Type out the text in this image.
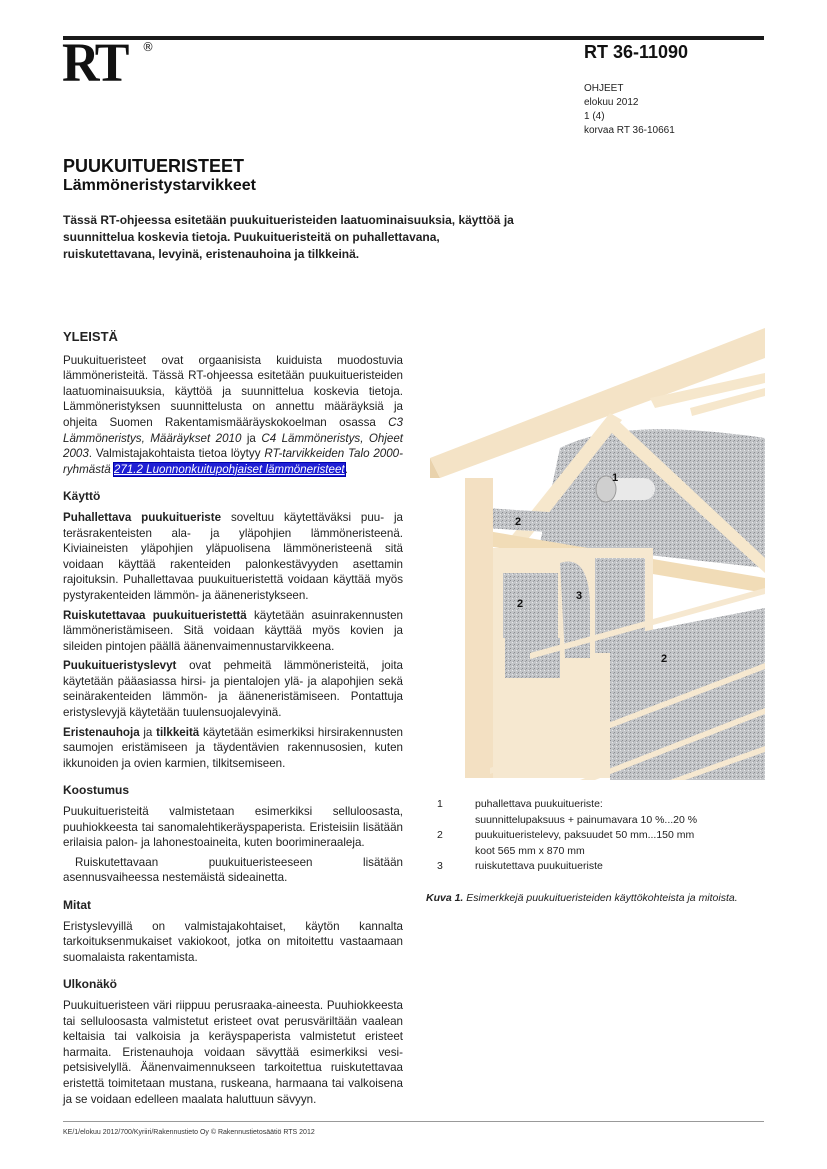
RT ®	RT 36-11090
OHJEET
elokuu 2012
1 (4)
korvaa RT 36-10661
PUUKUITUERISTEET
Lämmöneristystarvikkeet
Tässä RT-ohjeessa esitetään puukuitueristeiden laatuominaisuuksia, käyttöä ja suunnittelua koskevia tietoja. Puukuitueristeitä on puhallettavana, ruiskutettavana, levyinä, eristenauhoina ja tilkkeinä.
YLEISTÄ

Puukuitueristeet ovat orgaanisista kuiduista muodostuvia lämmöneristeitä. Tässä RT-ohjeessa esitetään puukuitueristeiden laatuominaisuuksia, käyttöä ja suunnittelua koskevia tietoja. Lämmöneristyksen suunnittelusta on annettu määräyksiä ja ohjeita Suomen Rakentamismääräyskokoelman osassa C3 Lämmöneristys, Määräykset 2010 ja C4 Lämmöneristys, Ohjeet 2003. Valmistajakohtaista tietoa löytyy RT-tarvikkeiden Talo 2000-ryhmästä 271.2 Luonnonkuitupohjaiset lämmöneristeet.

Käyttö

Puhallettava puukuitueriste soveltuu käytettäväksi puu- ja teräsrakenteisten ala- ja yläpohjien lämmöneristeenä. Kiviaineisten yläpohjien yläpuolisena lämmöneristeenä sitä voidaan käyttää rakenteiden palonkestävyyden asettamin rajoituksin. Puhallettavaa puukuitueristettä voidaan käyttää myös pystyrakenteiden lämmön- ja ääneneristykseen.

Ruiskutettavaa puukuitueristettä käytetään asuinrakennusten lämmöneristämiseen. Sitä voidaan käyttää myös kovien ja sileiden pintojen päällä äänenvaimennustarvikkeena.

Puukuitueristyslevyt ovat pehmeitä lämmöneristeitä, joita käytetään pääasiassa hirsi- ja pientalojen ylä- ja alapohjien sekä seinärakenteiden lämmön- ja ääneneristämiseen. Pontattuja eristyslevyjä käytetään tuulensuojalevyinä.

Eristenauhoja ja tilkkeitä käytetään esimerkiksi hirsirakennusten saumojen eristämiseen ja täydentävien rakennusosien, kuten ikkunoiden ja ovien karmien, tilkitsemiseen.

Koostumus

Puukuitueristeitä valmistetaan esimerkiksi selluloosasta, puuhiokkeesta tai sanomalehtikeräyspaperista. Eristeisiin lisätään erilaisia palon- ja lahonestoaineita, kuten boorimineraaleja.

Ruiskutettavaan puukuitueristeeseen lisätään asennusvaiheessa nestemäistä sideainetta.

Mitat

Eristyslevyillä on valmistajakohtaiset, käytön kannalta tarkoituksenmukaiset vakiokoot, jotka on mitoitettu vastaamaan suomalaista rakentamista.

Ulkonäkö

Puukuitueristeen väri riippuu perusraaka-aineesta. Puuhiokkeesta tai selluloosasta valmistetut eristeet ovat perusväriltään vaalean keltaisia tai valkoisia ja keräyspaperista valmistetut eristeet harmaita. Eristenauhoja voidaan sävyttää esimerkiksi vesi-petsisivelyllä. Äänenvaimennukseen tarkoitettua ruiskutettavaa eristettä toimitetaan mustana, ruskeana, harmaana tai valkoisena ja se voidaan edelleen maalata haluttuun sävyyn.

1
2
2
3
2
1	puhallettava puukuitueriste:
suunnittelupaksuus + painumavara 10 %...20 %
2	puukuitueristelevy, paksuudet 50 mm...150 mm
koot 565 mm x 870 mm
3	ruiskutettava puukuitueriste
Kuva 1. Esimerkkejä puukuitueristeiden käyttökohteista ja mitoista.
KE/1/elokuu 2012/700/Kyriiri/Rakennustieto Oy © Rakennustietosäätiö RTS 2012
